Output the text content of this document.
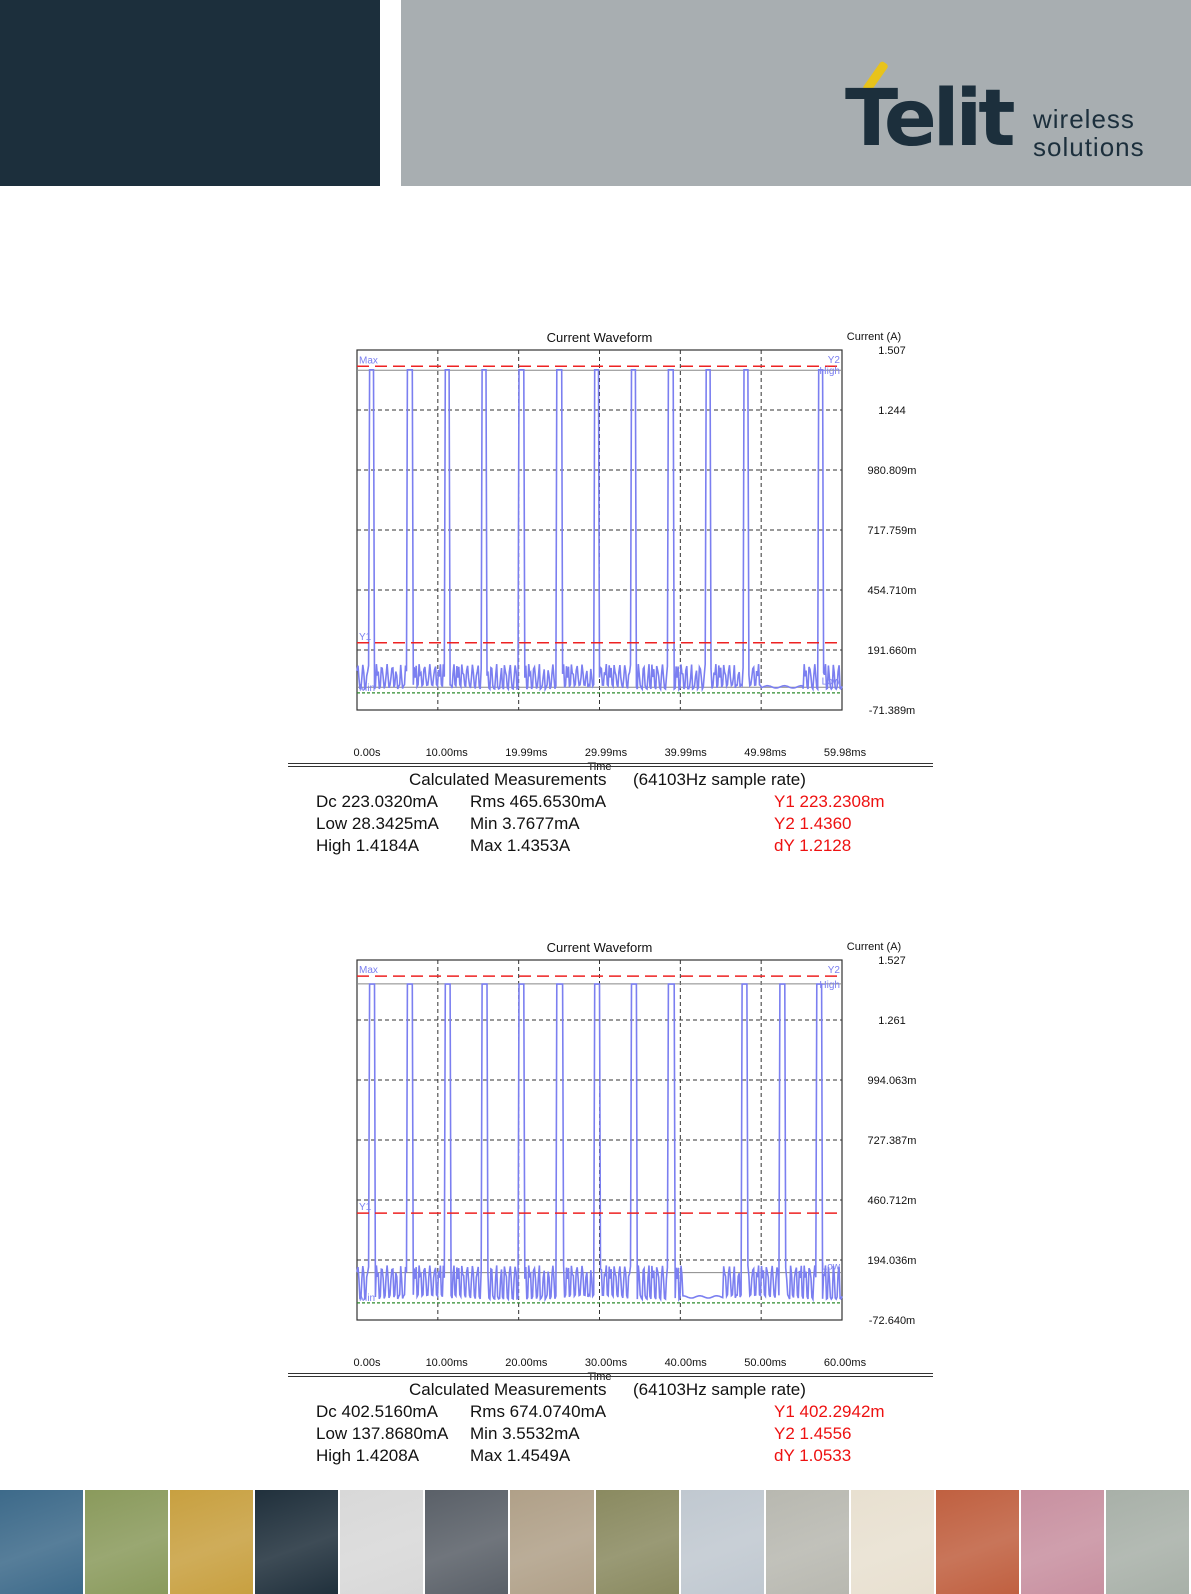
Telit wireless
solutions
Current Waveform	Current (A)
Time
1.507
1.244
980.809m
717.759m
454.710m
191.660m
-71.389m
0.00s	10.00ms	19.99ms	29.99ms	39.99ms	49.98ms	59.98ms
Max
Y1
Min
Y2
High
Low
Calculated Measurements (64103Hz sample rate)
Dc 223.0320mA Rms 465.6530mA	Y1 223.2308m
Low 28.3425mA Min 3.7677mA	Y2 1.4360
High 1.4184A	Max 1.4353A	dY 1.2128
Current Waveform	Current (A)
Time
1.527
1.261
994.063m
727.387m
460.712m
194.036m
-72.640m
0.00s	10.00ms	20.00ms	30.00ms	40.00ms	50.00ms	60.00ms
Max
Y1
Min
Y2
High
Low
Calculated Measurements (64103Hz sample rate)
Dc 402.5160mA Rms 674.0740mA	Y1 402.2942m
Low 137.8680mA Min 3.5532mA	Y2 1.4556
High 1.4208A	Max 1.4549A	dY 1.0533
